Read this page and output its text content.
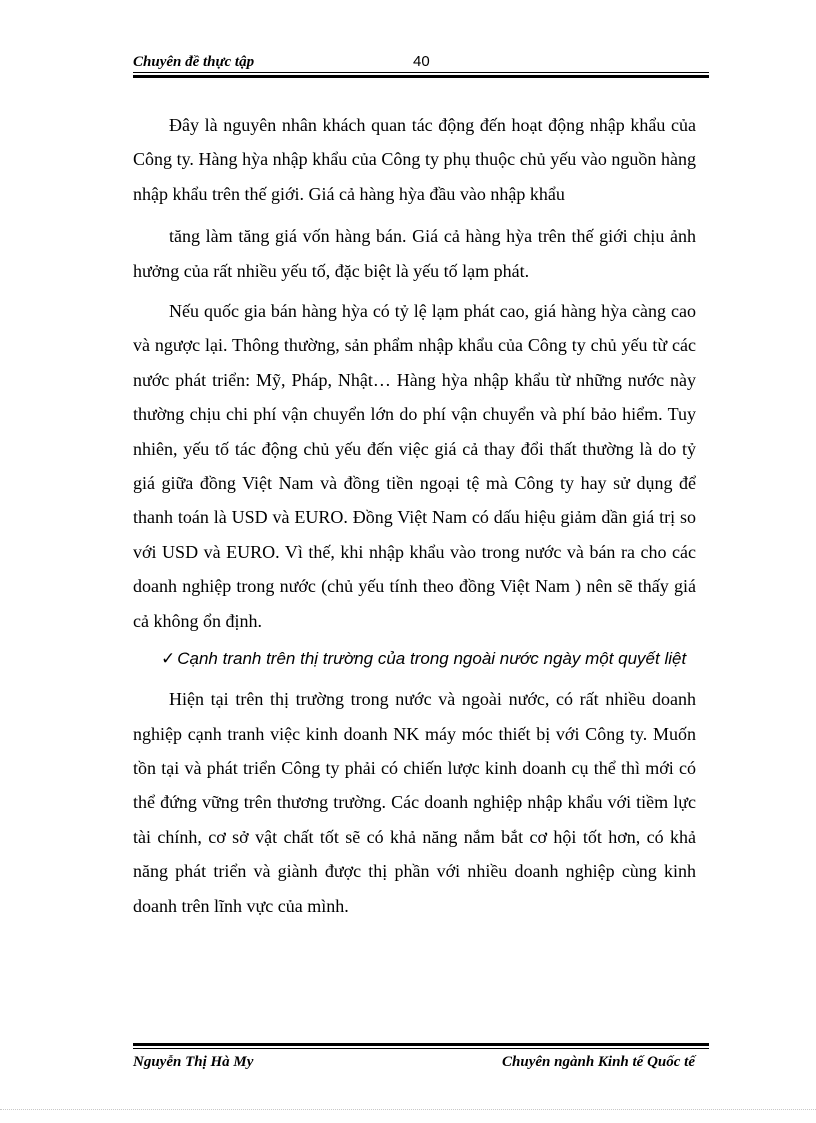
Chuyên đề thực tập	40

Đây là nguyên nhân khách quan tác động đến hoạt động nhập khẩu của Công ty. Hàng hỳa nhập khẩu của Công ty phụ thuộc chủ yếu vào nguồn hàng nhập khẩu trên thế giới. Giá cả hàng hỳa đầu vào nhập khẩu

tăng làm tăng giá vốn hàng bán. Giá cả hàng hỳa trên thế giới chịu ảnh hưởng của rất nhiều yếu tố, đặc biệt là yếu tố lạm phát.

Nếu quốc gia bán hàng hỳa có tỷ lệ lạm phát cao, giá hàng hỳa càng cao và ngược lại. Thông thường, sản phẩm nhập khẩu của Công ty chủ yếu từ các nước phát triển: Mỹ, Pháp, Nhật… Hàng hỳa nhập khẩu từ những nước này thường chịu chi phí vận chuyển lớn do phí vận chuyển và phí bảo hiểm. Tuy nhiên, yếu tố tác động chủ yếu đến việc giá cả thay đổi thất thường là do tỷ giá giữa đồng Việt Nam và đồng tiền ngoại tệ mà Công ty hay sử dụng để thanh toán là USD và EURO. Đồng Việt Nam có dấu hiệu giảm dần giá trị so với USD và EURO. Vì thế, khi nhập khẩu vào trong nước và bán ra cho các doanh nghiệp trong nước (chủ yếu tính theo đồng Việt Nam ) nên sẽ thấy giá cả không ổn định.

✓ Cạnh tranh trên thị trường của trong ngoài nước ngày một quyết liệt

Hiện tại trên thị trường trong nước và ngoài nước, có rất nhiều doanh nghiệp cạnh tranh việc kinh doanh NK máy móc thiết bị với Công ty. Muốn tồn tại và phát triển Công ty phải có chiến lược kinh doanh cụ thể thì mới có thể đứng vững trên thương trường. Các doanh nghiệp nhập khẩu với tiềm lực tài chính, cơ sở vật chất tốt sẽ có khả năng nắm bắt cơ hội tốt hơn, có khả năng phát triển và giành được thị phần với nhiều doanh nghiệp cùng kinh doanh trên lĩnh vực của mình.

Nguyễn Thị Hà My	Chuyên ngành Kinh tế Quốc tế
